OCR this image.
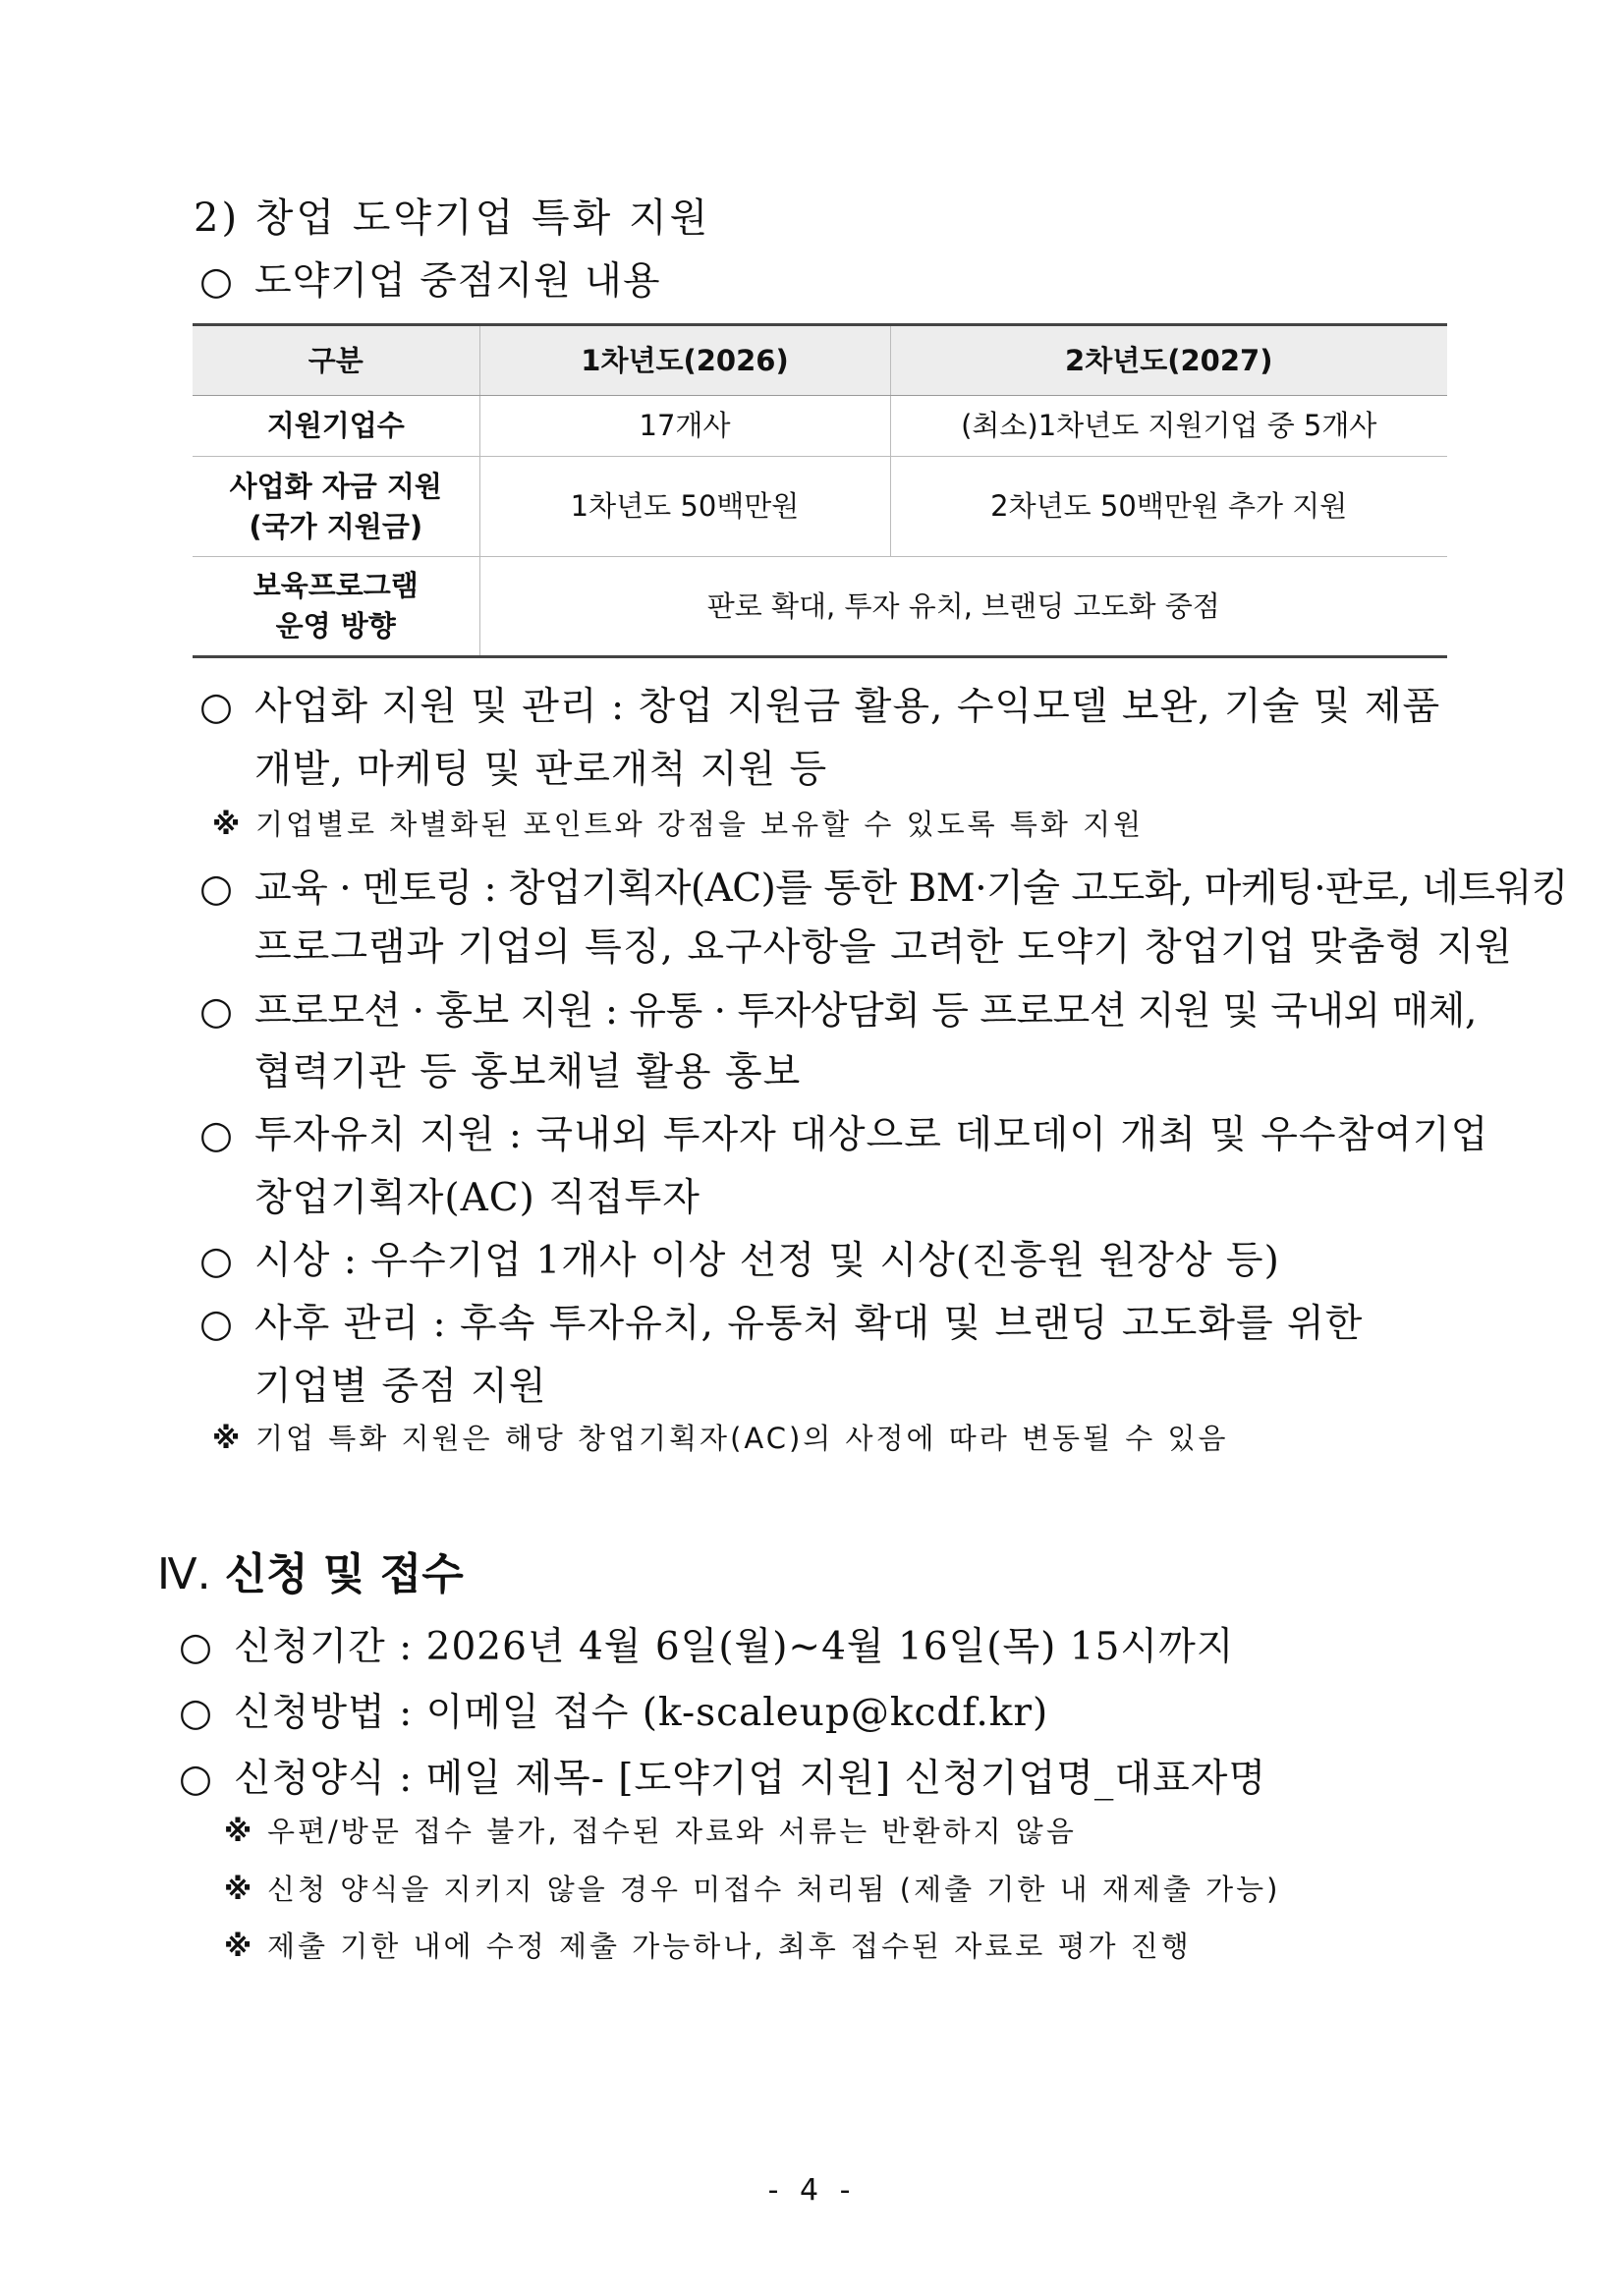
2) 창업 도약기업 특화 지원
○ 도약기업 중점지원 내용
구분	1차년도(2026)	2차년도(2027)
지원기업수	17개사	(최소)1차년도 지원기업 중 5개사

사업화 자금 지원
(국가 지원금)	1차년도 50백만원	2차년도 50백만원 추가 지원

보육프로그램
운영 방향	판로 확대, 투자 유치, 브랜딩 고도화 중점	
○ 사업화 지원 및 관리 : 창업 지원금 활용, 수익모델 보완, 기술 및 제품
개발, 마케팅 및 판로개척 지원 등
※ 기업별로 차별화된 포인트와 강점을 보유할 수 있도록 특화 지원
○ 교육 · 멘토링 : 창업기획자(AC)를 통한 BM·기술 고도화, 마케팅·판로, 네트워킹
프로그램과 기업의 특징, 요구사항을 고려한 도약기 창업기업 맞춤형 지원
○ 프로모션 · 홍보 지원 : 유통 · 투자상담회 등 프로모션 지원 및 국내외 매체,
협력기관 등 홍보채널 활용 홍보
○ 투자유치 지원 : 국내외 투자자 대상으로 데모데이 개최 및 우수참여기업
창업기획자(AC) 직접투자
○ 시상 : 우수기업 1개사 이상 선정 및 시상(진흥원 원장상 등)
○ 사후 관리 : 후속 투자유치, 유통처 확대 및 브랜딩 고도화를 위한
기업별 중점 지원
※ 기업 특화 지원은 해당 창업기획자(AC)의 사정에 따라 변동될 수 있음
Ⅳ. 신청 및 접수
○ 신청기간 : 2026년 4월 6일(월)~4월 16일(목) 15시까지
○ 신청방법 : 이메일 접수 (k-scaleup@kcdf.kr)
○ 신청양식 : 메일 제목- [도약기업 지원] 신청기업명_대표자명
※ 우편/방문 접수 불가, 접수된 자료와 서류는 반환하지 않음
※ 신청 양식을 지키지 않을 경우 미접수 처리됨 (제출 기한 내 재제출 가능)
※ 제출 기한 내에 수정 제출 가능하나, 최후 접수된 자료로 평가 진행
- 4 -
